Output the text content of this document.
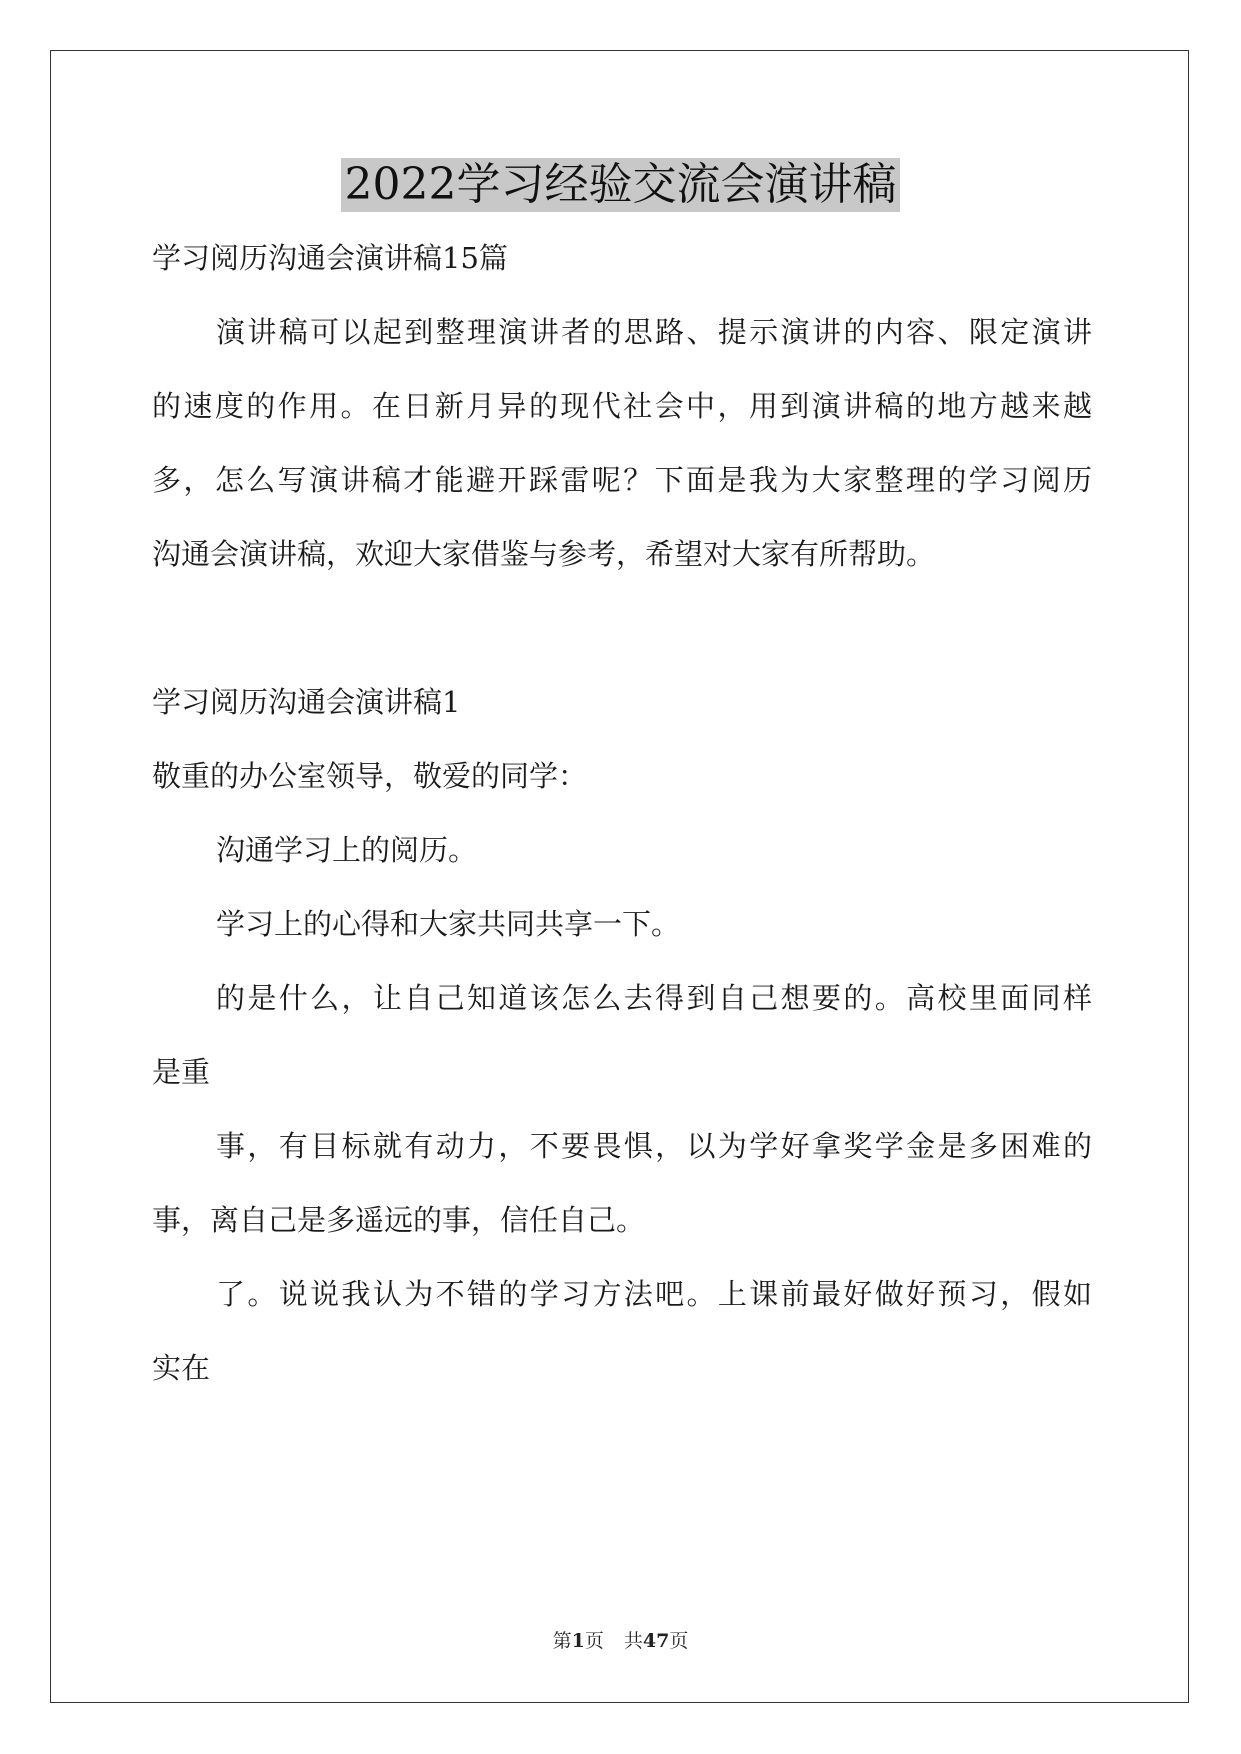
2022学习经验交流会演讲稿
学习阅历沟通会演讲稿15篇
演讲稿可以起到整理演讲者的思路、提示演讲的内容、限定演讲
的速度的作用。在日新月异的现代社会中，用到演讲稿的地方越来越
多，怎么写演讲稿才能避开踩雷呢？下面是我为大家整理的学习阅历
沟通会演讲稿，欢迎大家借鉴与参考，希望对大家有所帮助。
学习阅历沟通会演讲稿1
敬重的办公室领导，敬爱的同学：
沟通学习上的阅历。
学习上的心得和大家共同共享一下。
的是什么，让自己知道该怎么去得到自己想要的。高校里面同样
是重
事，有目标就有动力，不要畏惧，以为学好拿奖学金是多困难的
事，离自己是多遥远的事，信任自己。
了。说说我认为不错的学习方法吧。上课前最好做好预习，假如
实在
第1页 共47页
